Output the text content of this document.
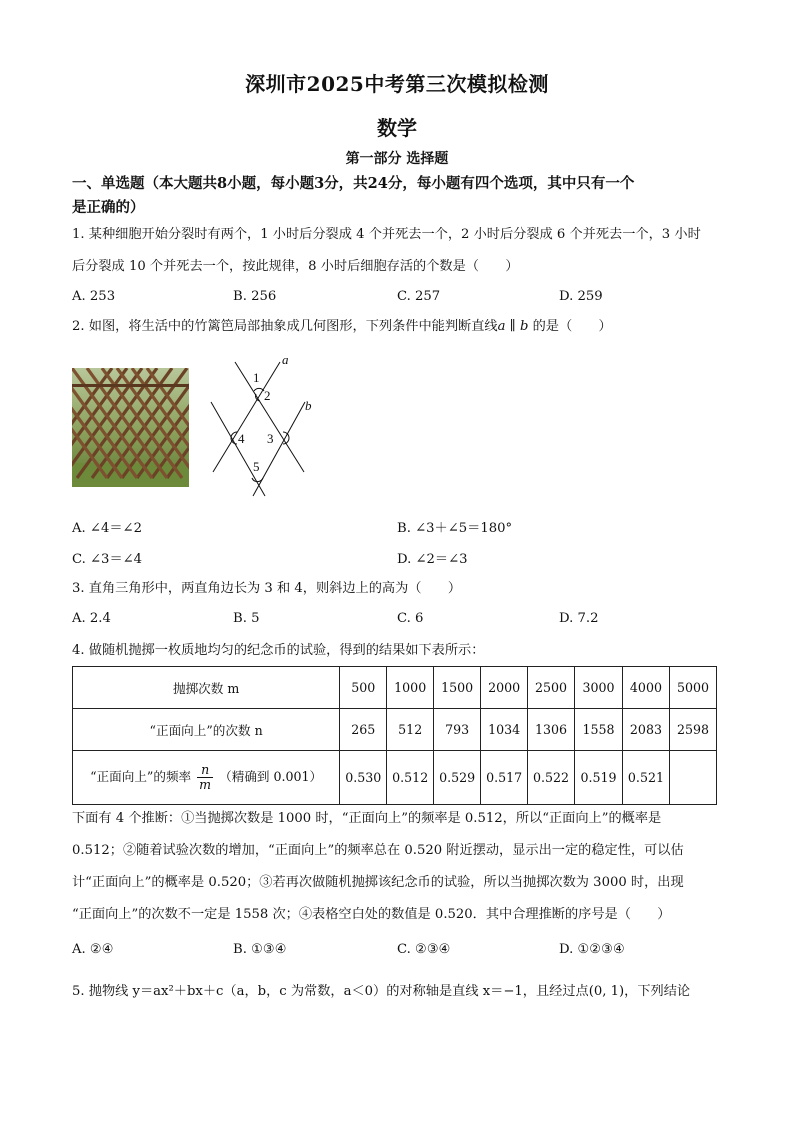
深圳市2025中考第三次模拟检测
数学
第一部分 选择题
一、单选题（本大题共8小题，每小题3分，共24分，每小题有四个选项，其中只有一个
是正确的）
1. 某种细胞开始分裂时有两个，1 小时后分裂成 4 个并死去一个，2 小时后分裂成 6 个并死去一个，3 小时
后分裂成 10 个并死去一个，按此规律，8 小时后细胞存活的个数是（　　）
A. 253	B. 256	C. 257	D. 259
2. 如图，将生活中的竹篱笆局部抽象成几何图形，下列条件中能判断直线a ∥ b 的是（　　）
a
b
1
2
3
4
5
A. ∠4＝∠2	B. ∠3＋∠5＝180°
C. ∠3＝∠4	D. ∠2＝∠3
3. 直角三角形中，两直角边长为 3 和 4，则斜边上的高为（　　）
A. 2.4	B. 5	C. 6	D. 7.2
4. 做随机抛掷一枚质地均匀的纪念币的试验，得到的结果如下表所示：
抛掷次数 m	500	1000	1500	2000	2500	3000	4000	5000
“正面向上”的次数 n	265	512	793	1034	1306	1558	2083	2598
“正面向上”的频率 $\frac{n}{m}$ （精确到 0.001）	0.530	0.512	0.529	0.517	0.522	0.519	0.521	
下面有 4 个推断：①当抛掷次数是 1000 时，“正面向上”的频率是 0.512，所以“正面向上”的概率是
0.512；②随着试验次数的增加，“正面向上”的频率总在 0.520 附近摆动，显示出一定的稳定性，可以估
计“正面向上”的概率是 0.520；③若再次做随机抛掷该纪念币的试验，所以当抛掷次数为 3000 时，出现
“正面向上”的次数不一定是 1558 次；④表格空白处的数值是 0.520．其中合理推断的序号是（　　）
A. ②④	B. ①③④	C. ②③④	D. ①②③④
5. 抛物线 y＝ax²＋bx＋c（a，b，c 为常数，a＜0）的对称轴是直线 x＝−1，且经过点(0, 1)，下列结论
